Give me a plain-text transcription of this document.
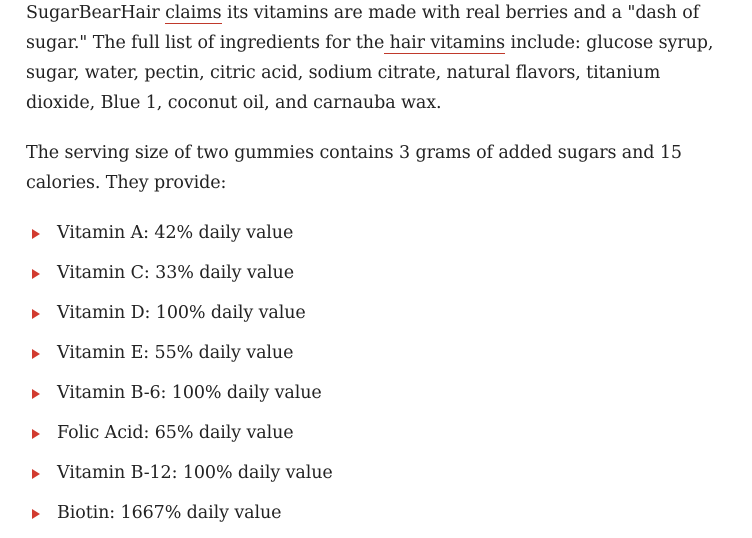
SugarBearHair claims its vitamins are made with real berries and a "dash of sugar." The full list of ingredients for the hair vitamins include: glucose syrup, sugar, water, pectin, citric acid, sodium citrate, natural flavors, titanium dioxide, Blue 1, coconut oil, and carnauba wax.

The serving size of two gummies contains 3 grams of added sugars and 15 calories. They provide:

Vitamin A: 42% daily value
Vitamin C: 33% daily value
Vitamin D: 100% daily value
Vitamin E: 55% daily value
Vitamin B-6: 100% daily value
Folic Acid: 65% daily value
Vitamin B-12: 100% daily value
Biotin: 1667% daily value
